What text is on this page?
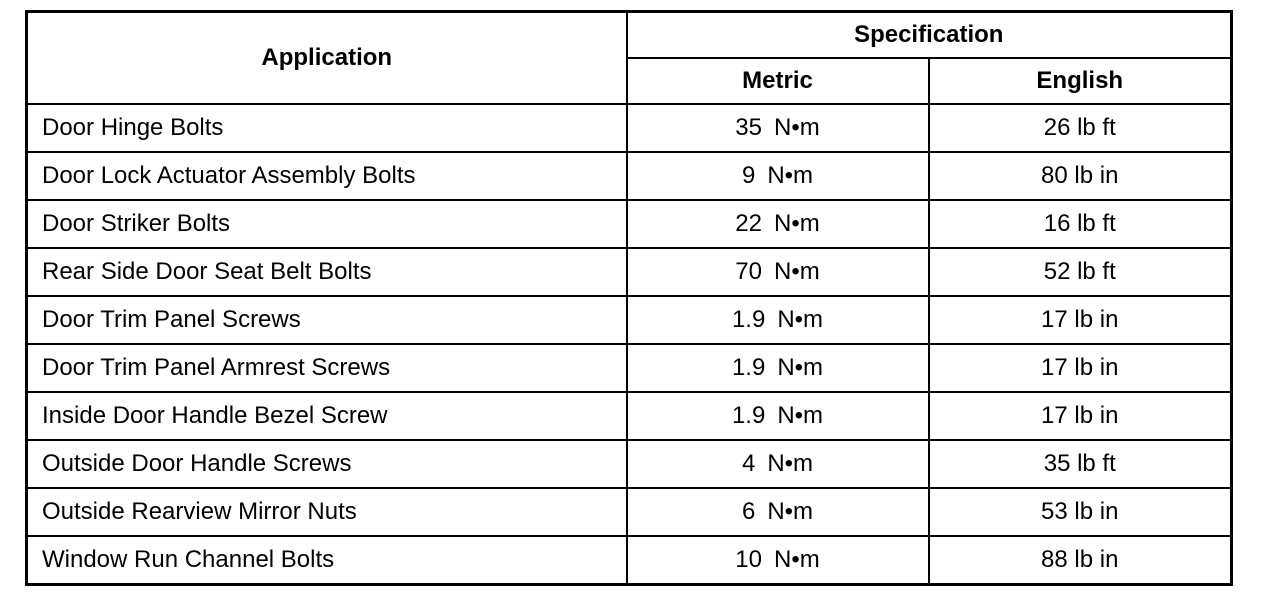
Application	Specification	
	Metric	English
Door Hinge Bolts	35 N•m	26 lb ft
Door Lock Actuator Assembly Bolts	9 N•m	80 lb in
Door Striker Bolts	22 N•m	16 lb ft
Rear Side Door Seat Belt Bolts	70 N•m	52 lb ft
Door Trim Panel Screws	1.9 N•m	17 lb in
Door Trim Panel Armrest Screws	1.9 N•m	17 lb in
Inside Door Handle Bezel Screw	1.9 N•m	17 lb in
Outside Door Handle Screws	4 N•m	35 lb ft
Outside Rearview Mirror Nuts	6 N•m	53 lb in
Window Run Channel Bolts	10 N•m	88 lb in
